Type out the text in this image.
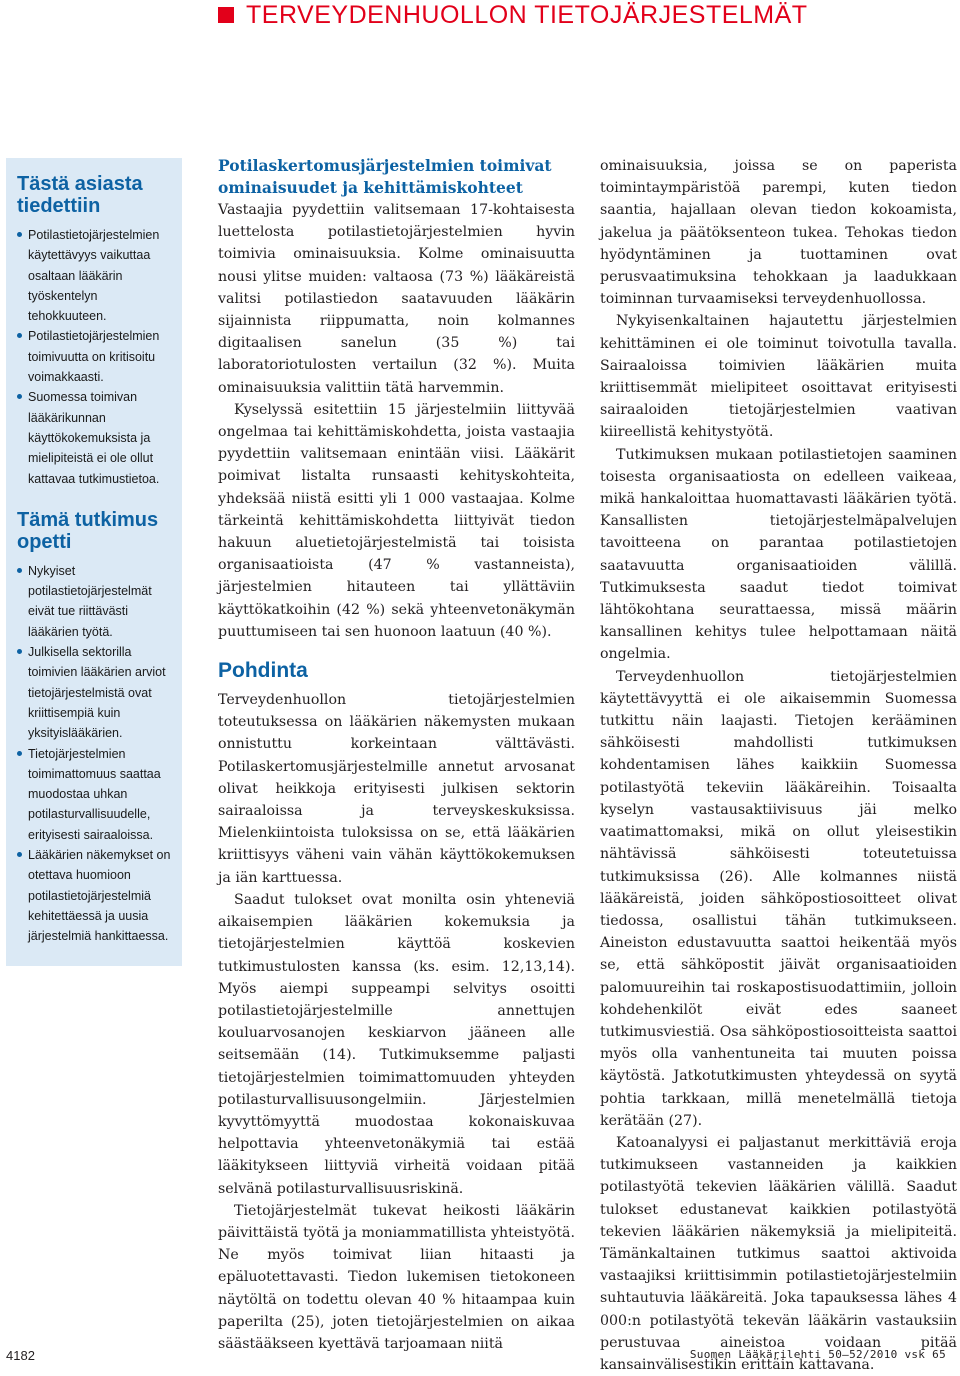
TERVEYDENHUOLLON TIETOJÄRJESTELMÄT
Tästä asiasta tiedettiin
Potilastietojärjestelmien käytettävyys vaikuttaa osaltaan lääkärin työskentelyn tehokkuuteen.
Potilastietojärjestelmien toimivuutta on kritisoitu voimakkaasti.
Suomessa toimivan lääkärikunnan käyttökokemuksista ja mielipiteistä ei ole ollut kattavaa tutkimustietoa.
Tämä tutkimus opetti
Nykyiset potilastietojärjestelmät eivät tue riittävästi lääkärien työtä.
Julkisella sektorilla toimivien lääkärien arviot tietojärjestelmistä ovat kriittisempiä kuin yksityislääkärien.
Tietojärjestelmien toimimattomuus saattaa muodostaa uhkan potilasturvallisuudelle, erityisesti sairaaloissa.
Lääkärien näkemykset on otettava huomioon potilastietojärjestelmiä kehitettäessä ja uusia järjestelmiä hankittaessa.
Potilaskertomusjärjestelmien toimivat ominaisuudet ja kehittämiskohteet

Vastaajia pyydettiin valitsemaan 17-kohtaisesta luettelosta potilastietojärjestelmien hyvin toimivia ominaisuuksia. Kolme ominaisuutta nousi ylitse muiden: valtaosa (73 %) lääkäreistä valitsi potilastiedon saatavuuden lääkärin sijainnista riippumatta, noin kolmannes digitaalisen sanelun (35 %) tai laboratoriotulosten vertailun (32 %). Muita ominaisuuksia valittiin tätä harvemmin.

Kyselyssä esitettiin 15 järjestelmiin liittyvää ongelmaa tai kehittämiskohdetta, joista vastaajia pyydettiin valitsemaan enintään viisi. Lääkärit poimivat listalta runsaasti kehityskohteita, yhdeksää niistä esitti yli 1 000 vastaajaa. Kolme tärkeintä kehittämiskohdetta liittyivät tiedon hakuun aluetietojärjestelmistä tai toisista organisaatioista (47 % vastanneista), järjestelmien hitauteen tai yllättäviin käyttökatkoihin (42 %) sekä yhteenvetonäkymän puuttumiseen tai sen huonoon laatuun (40 %).

Pohdinta

Terveydenhuollon tietojärjestelmien toteutuksessa on lääkärien näkemysten mukaan onnistuttu korkeintaan välttävästi. Potilaskertomusjärjestelmille annetut arvosanat olivat heikkoja erityisesti julkisen sektorin sairaaloissa ja terveyskeskuksissa. Mielenkiintoista tuloksissa on se, että lääkärien kriittisyys väheni vain vähän käyttökokemuksen ja iän karttuessa.

Saadut tulokset ovat monilta osin yhteneviä aikaisempien lääkärien kokemuksia ja tietojärjestelmien käyttöä koskevien tutkimustulosten kanssa (ks. esim. 12,13,14). Myös aiempi suppeampi selvitys osoitti potilastietojärjestelmille annettujen kouluarvosanojen keskiarvon jääneen alle seitsemään (14). Tutkimuksemme paljasti tietojärjestelmien toimimattomuuden yhteyden potilasturvallisuusongelmiin. Järjestelmien kyvyttömyyttä muodostaa kokonaiskuvaa helpottavia yhteenvetonäkymiä tai estää lääkitykseen liittyviä virheitä voidaan pitää selvänä potilasturvallisuusriskinä.

Tietojärjestelmät tukevat heikosti lääkärin päivittäistä työtä ja moniammatillista yhteistyötä. Ne myös toimivat liian hitaasti ja epäluotettavasti. Tiedon lukemisen tietokoneen näytöltä on todettu olevan 40 % hitaampaa kuin paperilta (25), joten tietojärjestelmien on aikaa säästääkseen kyettävä tarjoamaan niitä

ominaisuuksia, joissa se on paperista toimintaympäristöä parempi, kuten tiedon saantia, hajallaan olevan tiedon kokoamista, jakelua ja päätöksenteon tukea. Tehokas tiedon hyödyntäminen ja tuottaminen ovat perusvaatimuksina tehokkaan ja laadukkaan toiminnan turvaamiseksi terveydenhuollossa.

Nykyisenkaltainen hajautettu järjestelmien kehittäminen ei ole toiminut toivotulla tavalla. Sairaaloissa toimivien lääkärien muita kriittisemmät mielipiteet osoittavat erityisesti sairaaloiden tietojärjestelmien vaativan kiireellistä kehitystyötä.

Tutkimuksen mukaan potilastietojen saaminen toisesta organisaatiosta on edelleen vaikeaa, mikä hankaloittaa huomattavasti lääkärien työtä. Kansallisten tietojärjestelmäpalvelujen tavoitteena on parantaa potilastietojen saatavuutta organisaatioiden välillä. Tutkimuksesta saadut tiedot toimivat lähtökohtana seurattaessa, missä määrin kansallinen kehitys tulee helpottamaan näitä ongelmia.

Terveydenhuollon tietojärjestelmien käytettävyyttä ei ole aikaisemmin Suomessa tutkittu näin laajasti. Tietojen kerääminen sähköisesti mahdollisti tutkimuksen kohdentamisen lähes kaikkiin Suomessa potilastyötä tekeviin lääkäreihin. Toisaalta kyselyn vastausaktiivisuus jäi melko vaatimattomaksi, mikä on ollut yleisestikin nähtävissä sähköisesti toteutetuissa tutkimuksissa (26). Alle kolmannes niistä lääkäreistä, joiden sähköpostiosoitteet olivat tiedossa, osallistui tähän tutkimukseen. Aineiston edustavuutta saattoi heikentää myös se, että sähköpostit jäivät organisaatioiden palomuureihin tai roskapostisuodattimiin, jolloin kohdehenkilöt eivät edes saaneet tutkimusviestiä. Osa sähköpostiosoitteista saattoi myös olla vanhentuneita tai muuten poissa käytöstä. Jatkotutkimusten yhteydessä on syytä pohtia tarkkaan, millä menetelmällä tietoja kerätään (27).

Katoanalyysi ei paljastanut merkittäviä eroja tutkimukseen vastanneiden ja kaikkien potilastyötä tekevien lääkärien välillä. Saadut tulokset edustanevat kaikkien potilastyötä tekevien lääkärien näkemyksiä ja mielipiteitä. Tämänkaltainen tutkimus saattoi aktivoida vastaajiksi kriittisimmin potilastietojärjestelmiin suhtautuvia lääkäreitä. Joka tapauksessa lähes 4 000:n potilastyötä tekevän lääkärin vastauksiin perustuvaa aineistoa voidaan pitää kansainvälisestikin erittäin kattavana.

4182	Suomen Lääkärilehti 50–52/2010 vsk 65
